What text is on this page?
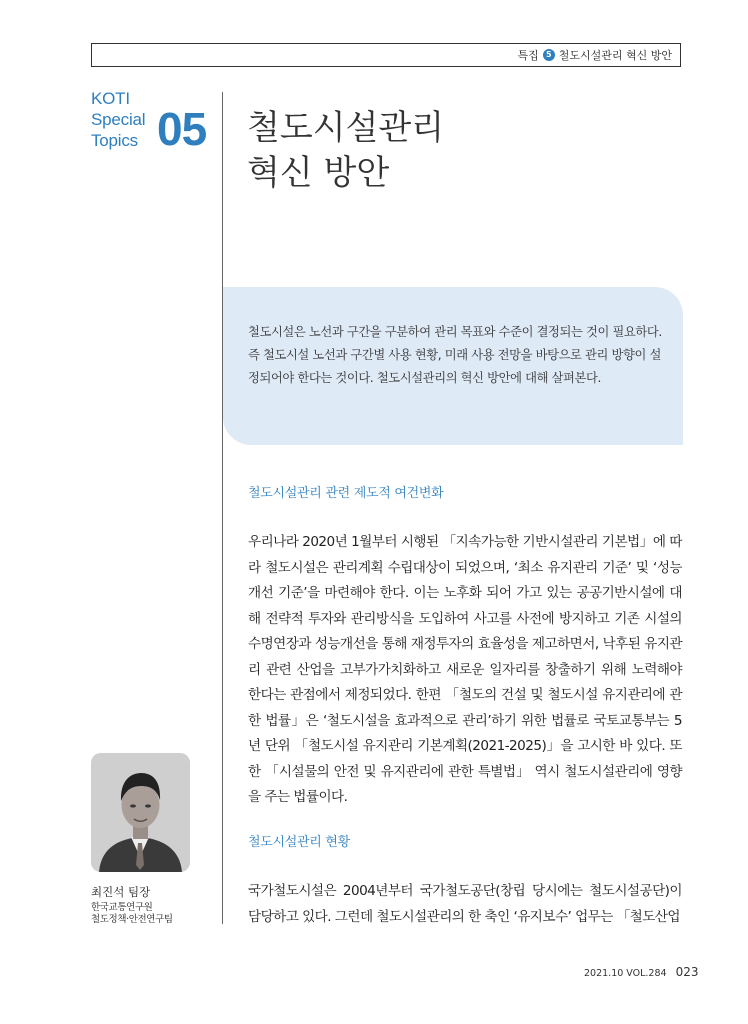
특집 5 철도시설관리 혁신 방안
KOTI
Special
Topics 05 철도시설관리
혁신 방안
철도시설은 노선과 구간을 구분하여 관리 목표와 수준이 결정되는 것이 필요하다. 즉 철도시설 노선과 구간별 사용 현황, 미래 사용 전망을 바탕으로 관리 방향이 설정되어야 한다는 것이다. 철도시설관리의 혁신 방안에 대해 살펴본다.
철도시설관리 관련 제도적 여건변화
우리나라 2020년 1월부터 시행된 「지속가능한 기반시설관리 기본법」에 따라 철도시설은 관리계획 수립대상이 되었으며, ‘최소 유지관리 기준’ 및 ‘성능개선 기준’을 마련해야 한다. 이는 노후화 되어 가고 있는 공공기반시설에 대해 전략적 투자와 관리방식을 도입하여 사고를 사전에 방지하고 기존 시설의 수명연장과 성능개선을 통해 재정투자의 효율성을 제고하면서, 낙후된 유지관리 관련 산업을 고부가가치화하고 새로운 일자리를 창출하기 위해 노력해야 한다는 관점에서 제정되었다. 한편 「철도의 건설 및 철도시설 유지관리에 관한 법률」은 ‘철도시설을 효과적으로 관리’하기 위한 법률로 국토교통부는 5년 단위 「철도시설 유지관리 기본계획(2021-2025)」을 고시한 바 있다. 또한 「시설물의 안전 및 유지관리에 관한 특별법」 역시 철도시설관리에 영향을 주는 법률이다.
철도시설관리 현황
국가철도시설은 2004년부터 국가철도공단(창립 당시에는 철도시설공단)이 담당하고 있다. 그런데 철도시설관리의 한 축인 ‘유지보수’ 업무는 「철도산업
최진석 팀장
한국교통연구원
철도정책·안전연구팀
2021.10 VOL.284 023
